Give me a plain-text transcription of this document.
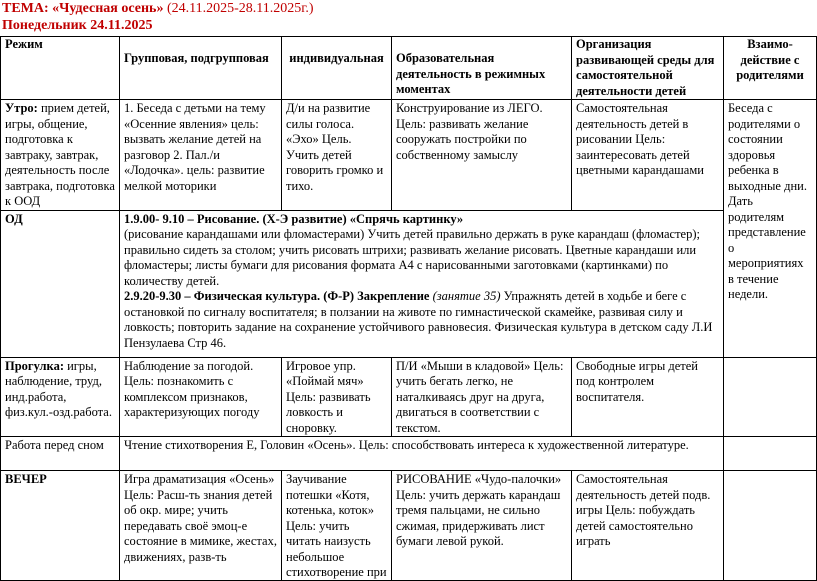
ТЕМА: «Чудесная осень» (24.11.2025-28.11.2025г.)
Понедельник 24.11.2025
Режим	Групповая, подгрупповая	индивидуальная	Образовательная деятельность в режимных моментах	Организация развивающей среды для самостоятельной деятельности детей	Взаимо-действие с родителями
Утро: прием детей, игры, общение, подготовка к завтраку, завтрак, деятельность после завтрака, подготовка к ООД	1. Беседа с детьми на тему «Осенние явления» цель: вызвать желание детей на разговор 2. Пал./и «Лодочка». цель: развитие мелкой моторики	Д/и на развитие силы голоса. «Эхо» Цель. Учить детей говорить громко и тихо.	Конструирование из ЛЕГО. Цель: развивать желание сооружать постройки по собственному замыслу	Самостоятельная деятельность детей в рисовании Цель: заинтересовать детей цветными карандашами	Беседа с родителями о состоянии здоровья ребенка в выходные дни. Дать родителям представление о мероприятиях в течение недели.
ОД	1.9.00- 9.10 – Рисование. (Х-Э развитие) «Спрячь картинку»
(рисование карандашами или фломастерами) Учить детей правильно держать в руке карандаш (фломастер); правильно сидеть за столом; учить рисовать штрихи; развивать желание рисовать. Цветные карандаши или фломастеры; листы бумаги для рисования формата А4 с нарисованными заготовками (картинками) по количеству детей.
2.9.20-9.30 – Физическая культура. (Ф-Р) Закрепление (занятие 35) Упражнять детей в ходьбе и беге с остановкой по сигналу воспитателя; в ползании на животе по гимнастической скамейке, развивая силу и ловкость; повторить задание на сохранение устойчивого равновесия. Физическая культура в детском саду Л.И Пензулаева Стр 46.				
Прогулка: игры, наблюдение, труд, инд.работа, физ.кул.-озд.работа.	Наблюдение за погодой. Цель: познакомить с комплексом признаков, характеризующих погоду	Игровое упр. «Поймай мяч» Цель: развивать ловкость и сноровку.	П/И «Мыши в кладовой» Цель: учить бегать легко, не наталкиваясь друг на друга, двигаться в соответствии с текстом.	Свободные игры детей под контролем воспитателя.	
Работа перед сном	Чтение стихотворения Е, Головин «Осень». Цель: способствовать интереса к художественной литературе.				
ВЕЧЕР	Игра драматизация «Осень» Цель: Расш-ть знания детей об окр. мире; учить передавать своё эмоц-е состояние в мимике, жестах, движениях, разв-ть	Заучивание потешки «Котя, котенька, коток» Цель: учить читать наизусть небольшое стихотворение при	РИСОВАНИЕ «Чудо-палочки» Цель: учить держать карандаш тремя пальцами, не сильно сжимая, придерживать лист бумаги левой рукой.	Самостоятельная деятельность детей подв. игры Цель: побуждать детей самостоятельно играть	
